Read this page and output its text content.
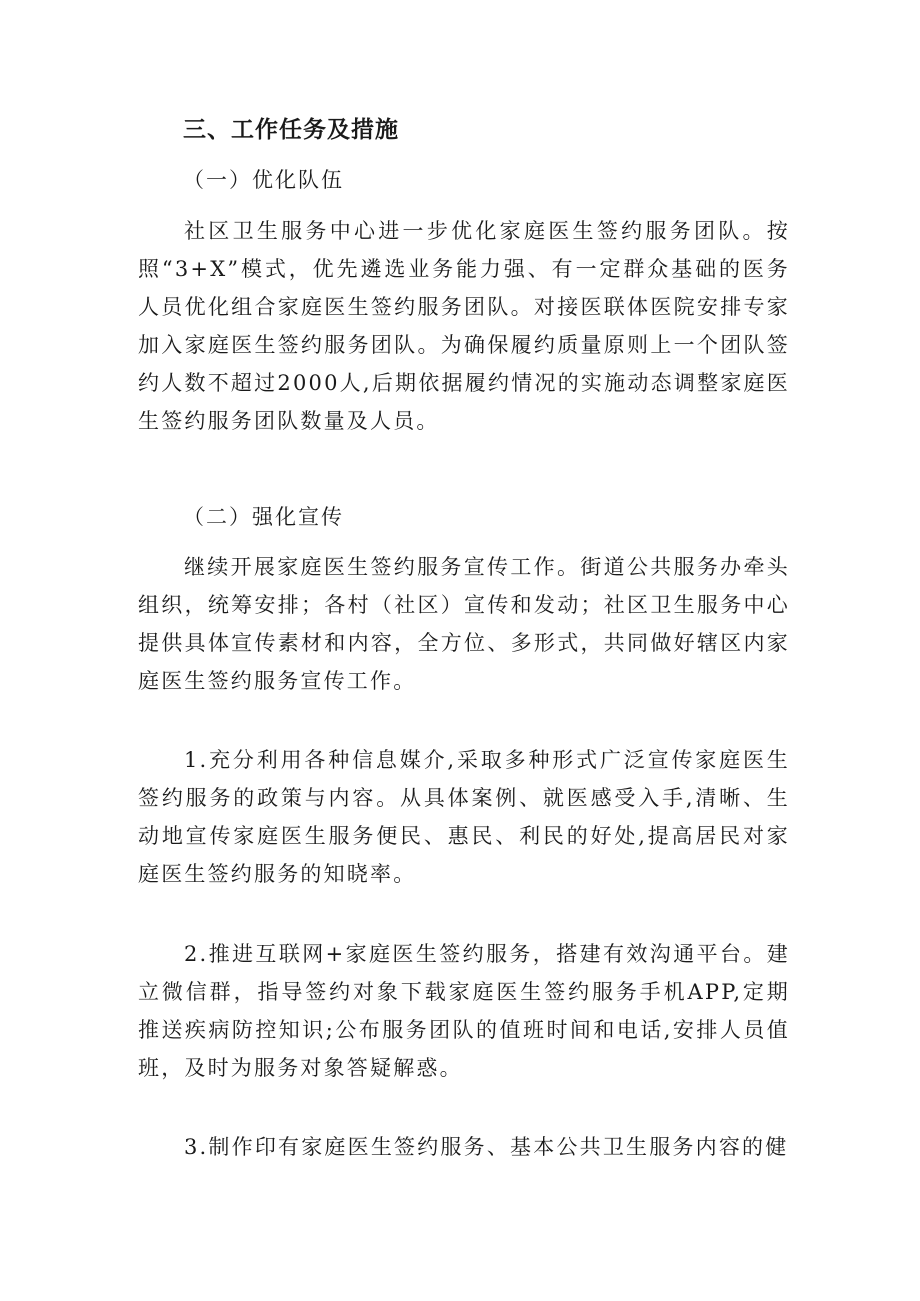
三、工作任务及措施
（一）优化队伍

社区卫生服务中心进一步优化家庭医生签约服务团队。按照“3+X”模式，优先遴选业务能力强、有一定群众基础的医务人员优化组合家庭医生签约服务团队。对接医联体医院安排专家加入家庭医生签约服务团队。为确保履约质量原则上一个团队签约人数不超过2000人,后期依据履约情况的实施动态调整家庭医生签约服务团队数量及人员。

（二）强化宣传

继续开展家庭医生签约服务宣传工作。街道公共服务办牵头组织，统筹安排；各村（社区）宣传和发动；社区卫生服务中心提供具体宣传素材和内容，全方位、多形式，共同做好辖区内家庭医生签约服务宣传工作。

1.充分利用各种信息媒介,采取多种形式广泛宣传家庭医生签约服务的政策与内容。从具体案例、就医感受入手,清晰、生动地宣传家庭医生服务便民、惠民、利民的好处,提高居民对家庭医生签约服务的知晓率。

2.推进互联网+家庭医生签约服务，搭建有效沟通平台。建立微信群，指导签约对象下载家庭医生签约服务手机APP,定期推送疾病防控知识;公布服务团队的值班时间和电话,安排人员值班，及时为服务对象答疑解惑。

3.制作印有家庭医生签约服务、基本公共卫生服务内容的健
